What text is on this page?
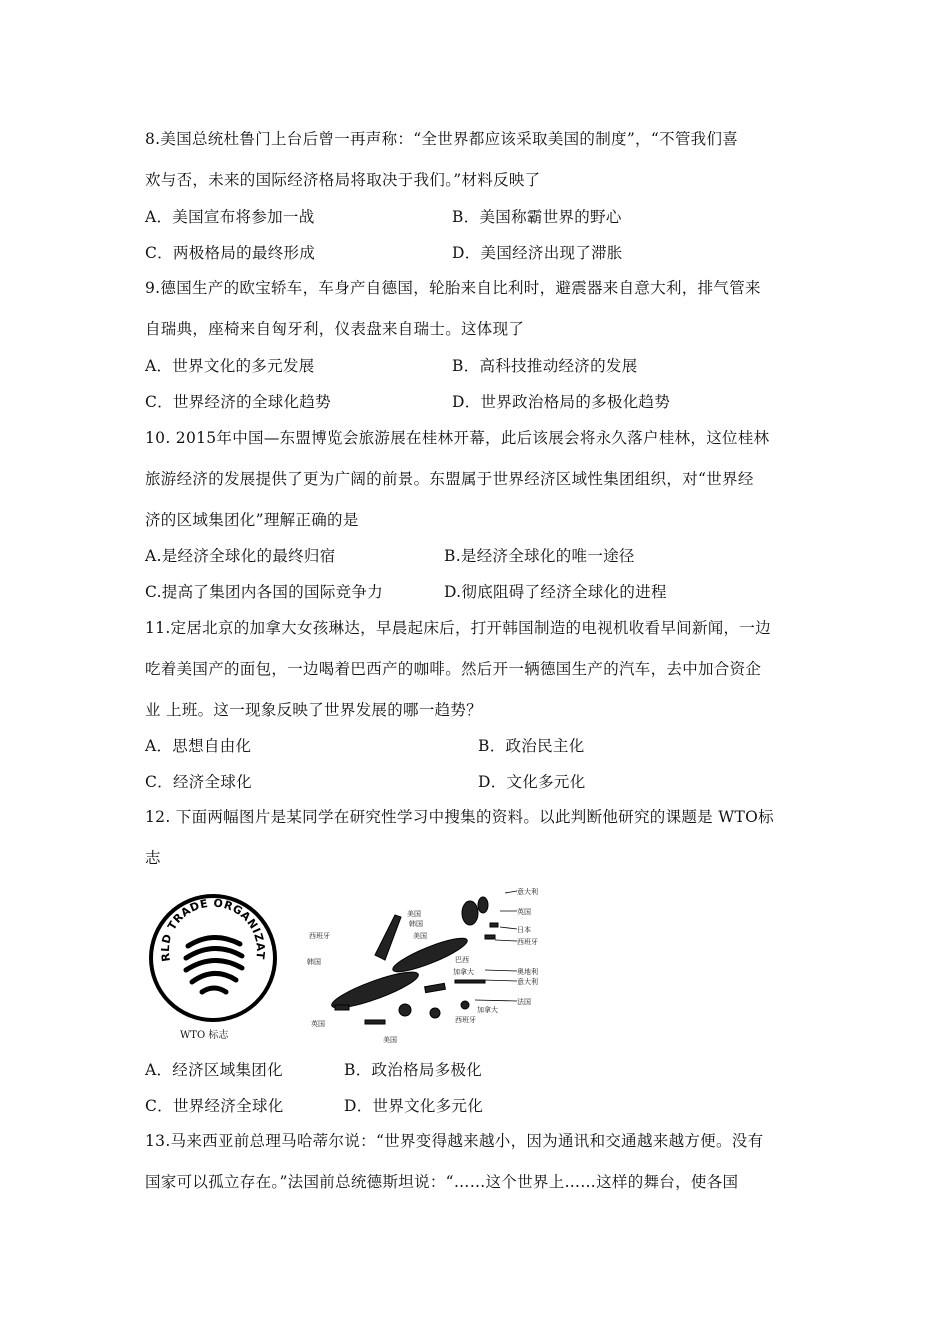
8.美国总统杜鲁门上台后曾一再声称：“全世界都应该采取美国的制度”，“不管我们喜
欢与否，未来的国际经济格局将取决于我们。”材料反映了
A．美国宣布将参加一战	B．美国称霸世界的野心
C．两极格局的最终形成	D．美国经济出现了滞胀
9.德国生产的欧宝轿车，车身产自德国，轮胎来自比利时，避震器来自意大利，排气管来
自瑞典，座椅来自匈牙利，仪表盘来自瑞士。这体现了
A．世界文化的多元发展	B．高科技推动经济的发展
C．世界经济的全球化趋势	D．世界政治格局的多极化趋势
10. 2015年中国—东盟博览会旅游展在桂林开幕，此后该展会将永久落户桂林，这位桂林
旅游经济的发展提供了更为广阔的前景。东盟属于世界经济区域性集团组织，对“世界经
济的区域集团化”理解正确的是
A.是经济全球化的最终归宿	B.是经济全球化的唯一途径
C.提高了集团内各国的国际竞争力	D.彻底阻碍了经济全球化的进程
11.定居北京的加拿大女孩琳达，早晨起床后，打开韩国制造的电视机收看早间新闻，一边
吃着美国产的面包，一边喝着巴西产的咖啡。然后开一辆德国生产的汽车，去中加合资企
业 上班。这一现象反映了世界发展的哪一趋势？
A．思想自由化	B．政治民主化
C．经济全球化	D．文化多元化
12. 下面两幅图片是某同学在研究性学习中搜集的资料。以此判断他研究的课题是 WTO标
志
RLD TRADE ORGANIZAT
WTO 标志
意大利
英国
美国
韩国
日本
西班牙
美国
西班牙
巴西
加拿大
韩国
奥地利
意大利
加拿大
法国
英国	西班牙
美国
A．经济区域集团化	B．政治格局多极化
C．世界经济全球化	D．世界文化多元化
13.马来西亚前总理马哈蒂尔说：“世界变得越来越小，因为通讯和交通越来越方便。没有
国家可以孤立存在。”法国前总统德斯坦说：“……这个世界上……这样的舞台，使各国
